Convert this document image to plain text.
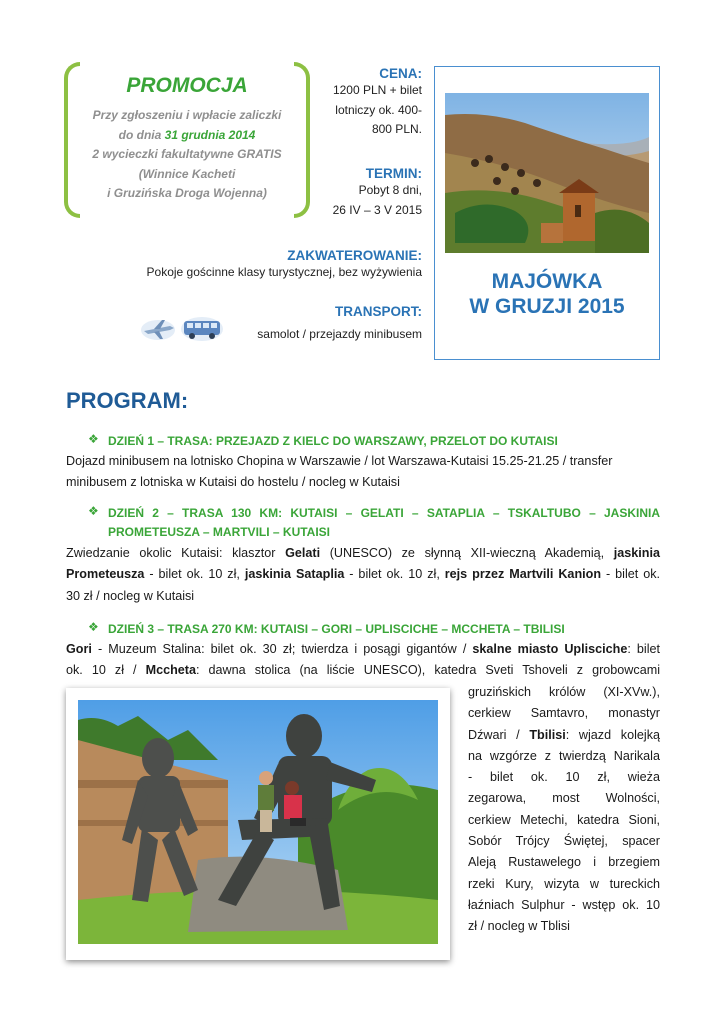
PROMOCJA
Przy zgłoszeniu i wpłacie zaliczki
do dnia 31 grudnia 2014
2 wycieczki fakultatywne GRATIS
(Winnice Kacheti
i Gruzińska Droga Wojenna)
CENA:
1200 PLN + bilet
lotniczy ok. 400-
800 PLN.
TERMIN:
Pobyt 8 dni,
26 IV – 3 V 2015
ZAKWATEROWANIE:
Pokoje gościnne klasy turystycznej, bez wyżywienia
TRANSPORT:
samolot / przejazdy minibusem
MAJÓWKA
W GRUZJI 2015
PROGRAM:
❖ DZIEŃ 1 – TRASA: PRZEJAZD Z KIELC DO WARSZAWY, PRZELOT DO KUTAISI
Dojazd minibusem na lotnisko Chopina w Warszawie / lot Warszawa-Kutaisi 15.25-21.25 / transfer
minibusem z lotniska w Kutaisi do hostelu / nocleg w Kutaisi
❖ DZIEŃ 2 – TRASA 130 KM: KUTAISI – GELATI – SATAPLIA – TSKALTUBO – JASKINIA
PROMETEUSZA – MARTVILI – KUTAISI
Zwiedzanie okolic Kutaisi: klasztor Gelati (UNESCO) ze słynną XII-wieczną Akademią, jaskinia
Prometeusza - bilet ok. 10 zł, jaskinia Sataplia - bilet ok. 10 zł, rejs przez Martvili Kanion - bilet ok.
30 zł / nocleg w Kutaisi
❖ DZIEŃ 3 – TRASA 270 KM: KUTAISI – GORI – UPLISCICHE – MCCHETA – TBILISI
Gori - Muzeum Stalina: bilet ok. 30 zł; twierdza i posągi gigantów / skalne miasto Uplisciche: bilet
ok. 10 zł / Mccheta: dawna stolica (na liście UNESCO), katedra Sveti Tshoveli z grobowcami
gruzińskich królów (XI-XVw.),
cerkiew Samtavro, monastyr
Dźwari / Tbilisi: wjazd kolejką
na wzgórze z twierdzą Narikala
- bilet ok. 10 zł, wieża
zegarowa, most Wolności,
cerkiew Metechi, katedra Sioni,
Sobór Trójcy Świętej, spacer
Aleją Rustawelego i brzegiem
rzeki Kury, wizyta w tureckich
łaźniach Sulphur - wstęp ok. 10
zł / nocleg w Tblisi
